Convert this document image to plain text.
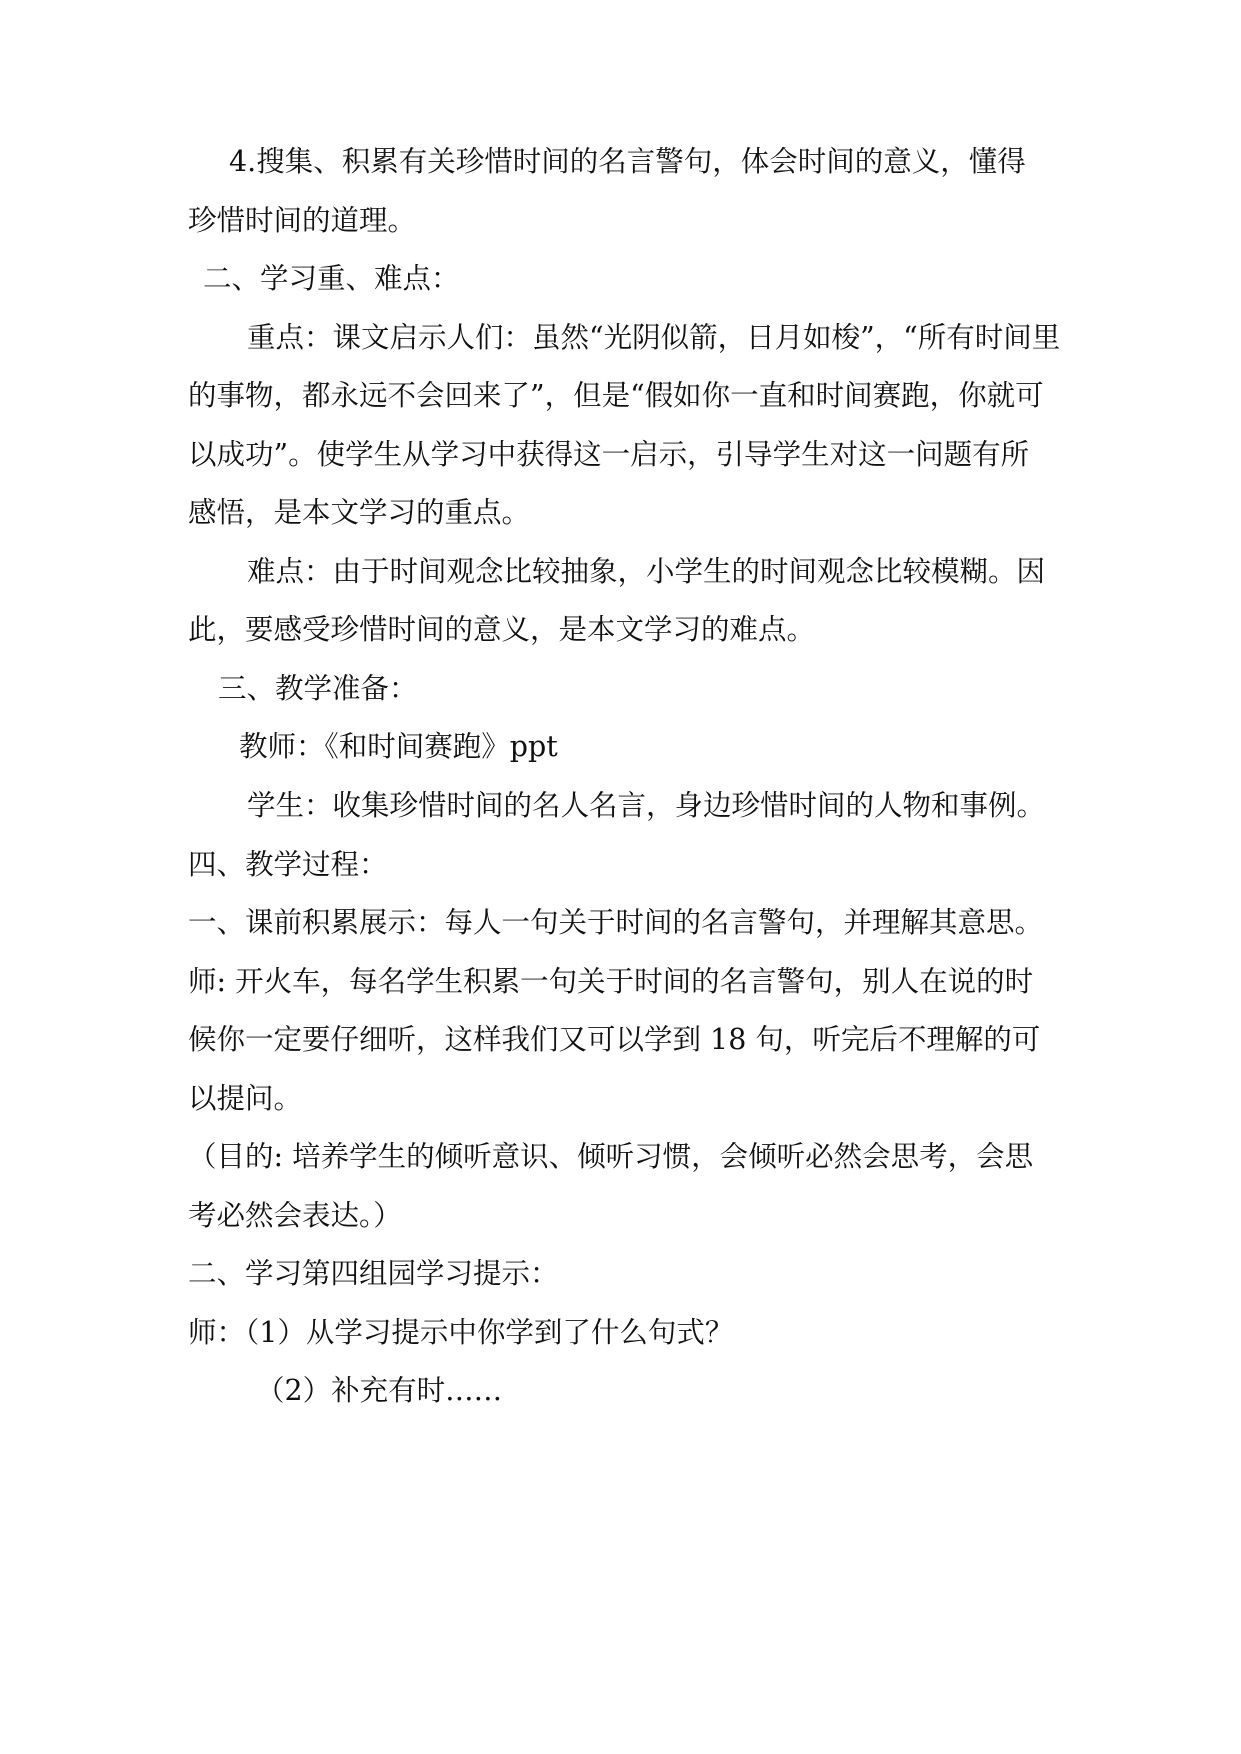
4.搜集、积累有关珍惜时间的名言警句，体会时间的意义，懂得
珍惜时间的道理。
二、学习重、难点：
重点：课文启示人们：虽然“光阴似箭，日月如梭”，“所有时间里
的事物，都永远不会回来了”，但是“假如你一直和时间赛跑，你就可
以成功”。使学生从学习中获得这一启示，引导学生对这一问题有所
感悟，是本文学习的重点。
难点：由于时间观念比较抽象，小学生的时间观念比较模糊。因
此，要感受珍惜时间的意义，是本文学习的难点。
三、教学准备：
教师：《和时间赛跑》ppt
学生：收集珍惜时间的名人名言，身边珍惜时间的人物和事例。
四、教学过程：
一、课前积累展示：每人一句关于时间的名言警句，并理解其意思。
师: 开火车，每名学生积累一句关于时间的名言警句，别人在说的时
候你一定要仔细听，这样我们又可以学到 18 句，听完后不理解的可
以提问。
（目的: 培养学生的倾听意识、倾听习惯，会倾听必然会思考，会思
考必然会表达。）
二、学习第四组园学习提示：
师：（1）从学习提示中你学到了什么句式？
（2）补充有时……
